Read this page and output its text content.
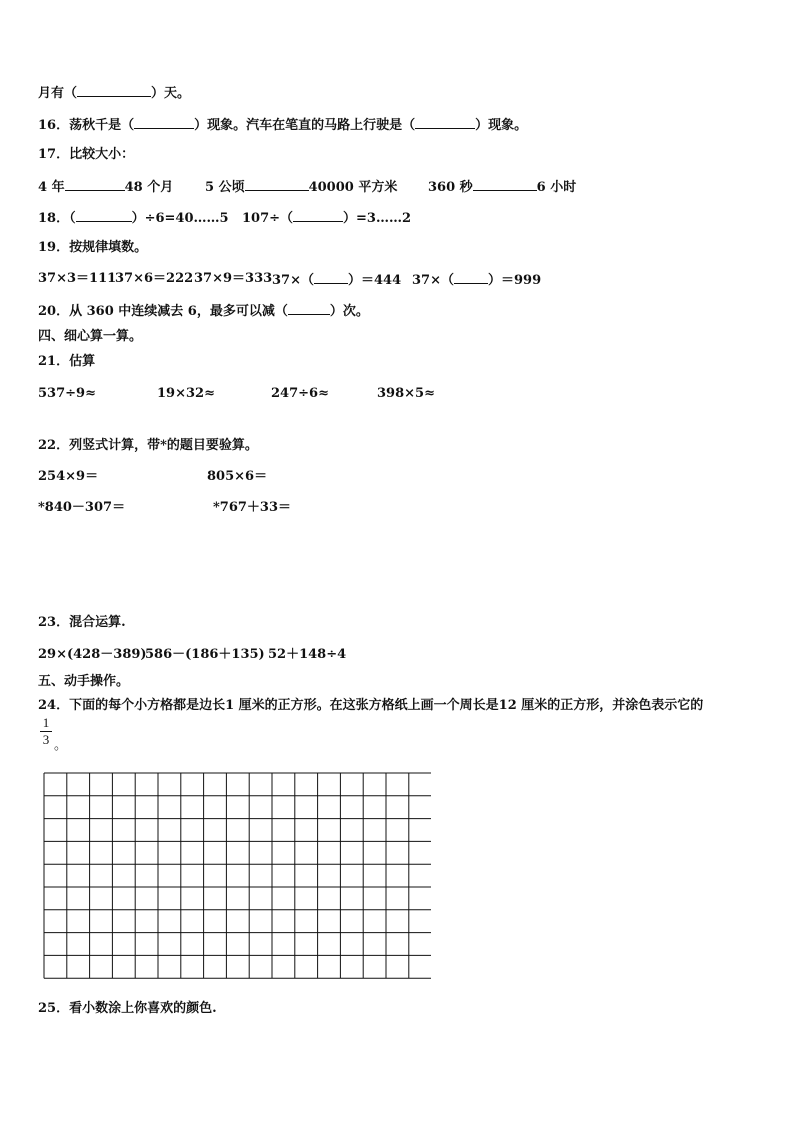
月有（	）天。
16．荡秋千是（	）现象。汽车在笔直的马路上行驶是（	）现象。
17．比较大小：
4 年	48 个月 5 公顷	40000 平方米 360 秒	6 小时
18．（	）÷6=40……5 107÷（	）=3……2
19．按规律填数。
37×3＝111
37×6＝222 37×9＝333 37×（	）＝444 37×（	）＝999
20．从 360 中连续减去 6，最多可以减（	）次。
四、细心算一算。
21．估算
537÷9≈	19×32≈	247÷6≈	398×5≈
22．列竖式计算，带*的题目要验算。
254×9＝	805×6＝
*840－307＝	*767＋33＝
23．混合运算.
29×(428－389)
586－(186＋135) 52＋148÷4
五、动手操作。
24．下面的每个小方格都是边长1 厘米的正方形。在这张方格纸上画一个周长是12 厘米的正方形，并涂色表示它的
1
3 。
25．看小数涂上你喜欢的颜色.
